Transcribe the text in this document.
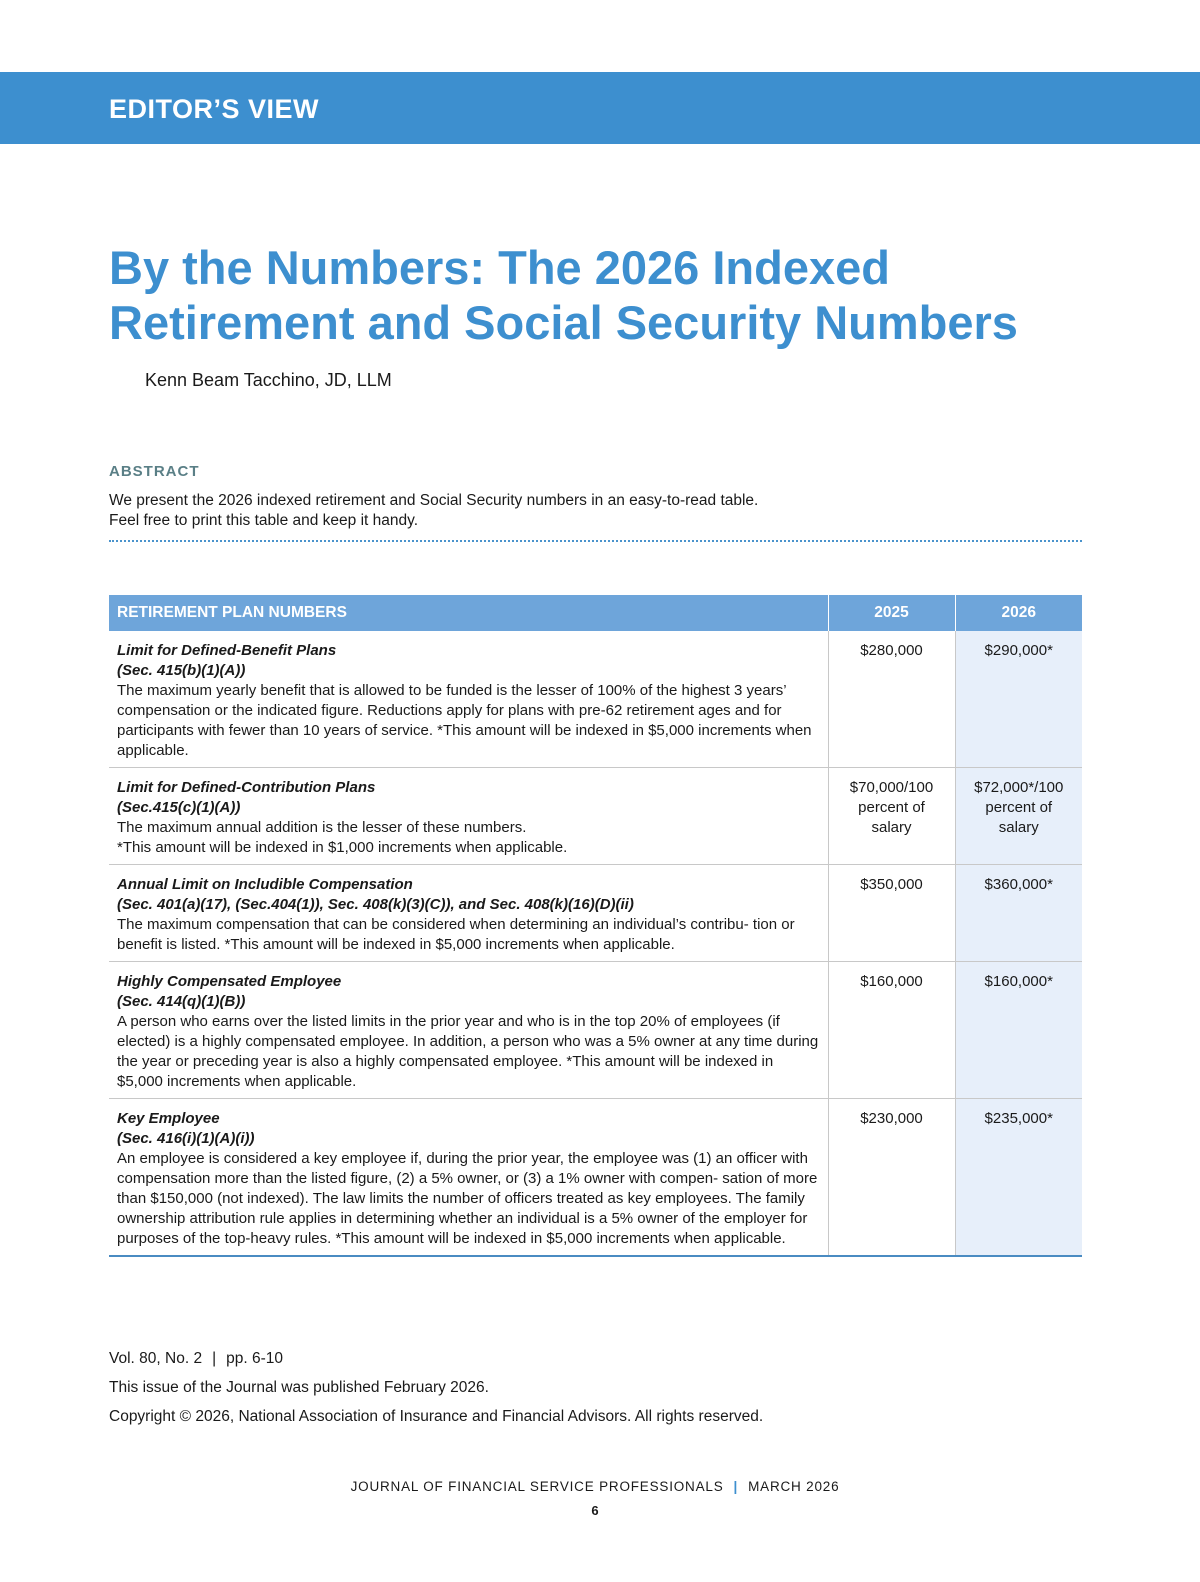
EDITOR’S VIEW
By the Numbers: The 2026 Indexed
Retirement and Social Security Numbers
Kenn Beam Tacchino, JD, LLM
ABSTRACT

We present the 2026 indexed retirement and Social Security numbers in an easy-to-read table.

Feel free to print this table and keep it handy.

RETIREMENT PLAN NUMBERS	2025	2026

Limit for Defined-Benefit Plans
(Sec. 415(b)(1)(A))
The maximum yearly benefit that is allowed to be funded is the lesser of 100% of the highest 3 years’ compensation or the indicated figure. Reductions apply for plans with pre-62 retirement ages and for participants with fewer than 10 years of service. *This amount will be indexed in $5,000 increments when applicable.	$280,000	$290,000*

Limit for Defined-Contribution Plans
(Sec.415(c)(1)(A))
The maximum annual addition is the lesser of these numbers.
*This amount will be indexed in $1,000 increments when applicable.	$70,000/100 percent of salary	$72,000*/100 percent of salary

Annual Limit on Includible Compensation
(Sec. 401(a)(17), (Sec.404(1)), Sec. 408(k)(3)(C)), and Sec. 408(k)(16)(D)(ii)
The maximum compensation that can be considered when determining an individual’s contribu- tion or benefit is listed. *This amount will be indexed in $5,000 increments when applicable.	$350,000	$360,000*

Highly Compensated Employee
(Sec. 414(q)(1)(B))
A person who earns over the listed limits in the prior year and who is in the top 20% of employees (if elected) is a highly compensated employee. In addition, a person who was a 5% owner at any time during the year or preceding year is also a highly compensated employee. *This amount will be indexed in $5,000 increments when applicable.	$160,000	$160,000*

Key Employee
(Sec. 416(i)(1)(A)(i))
An employee is considered a key employee if, during the prior year, the employee was (1) an officer with compensation more than the listed figure, (2) a 5% owner, or (3) a 1% owner with compen- sation of more than $150,000 (not indexed). The law limits the number of officers treated as key employees. The family ownership attribution rule applies in determining whether an individual is a 5% owner of the employer for purposes of the top-heavy rules. *This amount will be indexed in $5,000 increments when applicable.	$230,000	$235,000*
Vol. 80, No. 2 | pp. 6-10
This issue of the Journal was published February 2026.
Copyright © 2026, National Association of Insurance and Financial Advisors. All rights reserved.
JOURNAL OF FINANCIAL SERVICE PROFESSIONALS | MARCH 2026
6
